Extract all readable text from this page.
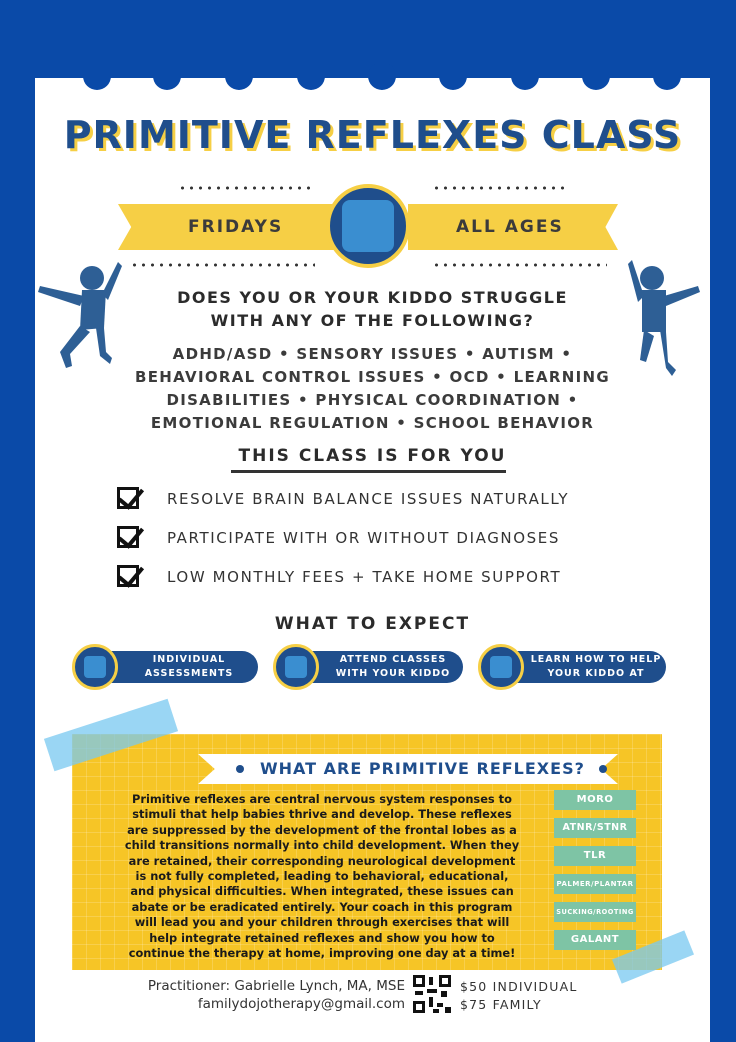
PRIMITIVE REFLEXES CLASS
FRIDAYS	ALL AGES
DOES YOU OR YOUR KIDDO STRUGGLE
WITH ANY OF THE FOLLOWING?
ADHD/ASD • SENSORY ISSUES • AUTISM •
BEHAVIORAL CONTROL ISSUES • OCD • LEARNING
DISABILITIES • PHYSICAL COORDINATION •
EMOTIONAL REGULATION • SCHOOL BEHAVIOR
THIS CLASS IS FOR YOU
RESOLVE BRAIN BALANCE ISSUES NATURALLY
PARTICIPATE WITH OR WITHOUT DIAGNOSES
LOW MONTHLY FEES + TAKE HOME SUPPORT
WHAT TO EXPECT
INDIVIDUAL
ASSESSMENTS
ATTEND CLASSES
WITH YOUR KIDDO
LEARN HOW TO HELP
YOUR KIDDO AT HOME
WHAT ARE PRIMITIVE REFLEXES?
Primitive reflexes are central nervous system responses to
stimuli that help babies thrive and develop. These reflexes
are suppressed by the development of the frontal lobes as a
child transitions normally into child development. When they
are retained, their corresponding neurological development
is not fully completed, leading to behavioral, educational,
and physical difficulties. When integrated, these issues can
abate or be eradicated entirely. Your coach in this program
will lead you and your children through exercises that will
help integrate retained reflexes and show you how to
continue the therapy at home, improving one day at a time!
MORO
ATNR/STNR
TLR
PALMER/PLANTAR
SUCKING/ROOTING
GALANT
Practitioner: Gabrielle Lynch, MA, MSE
familydojotherapy@gmail.com
$50 INDIVIDUAL
$75 FAMILY
